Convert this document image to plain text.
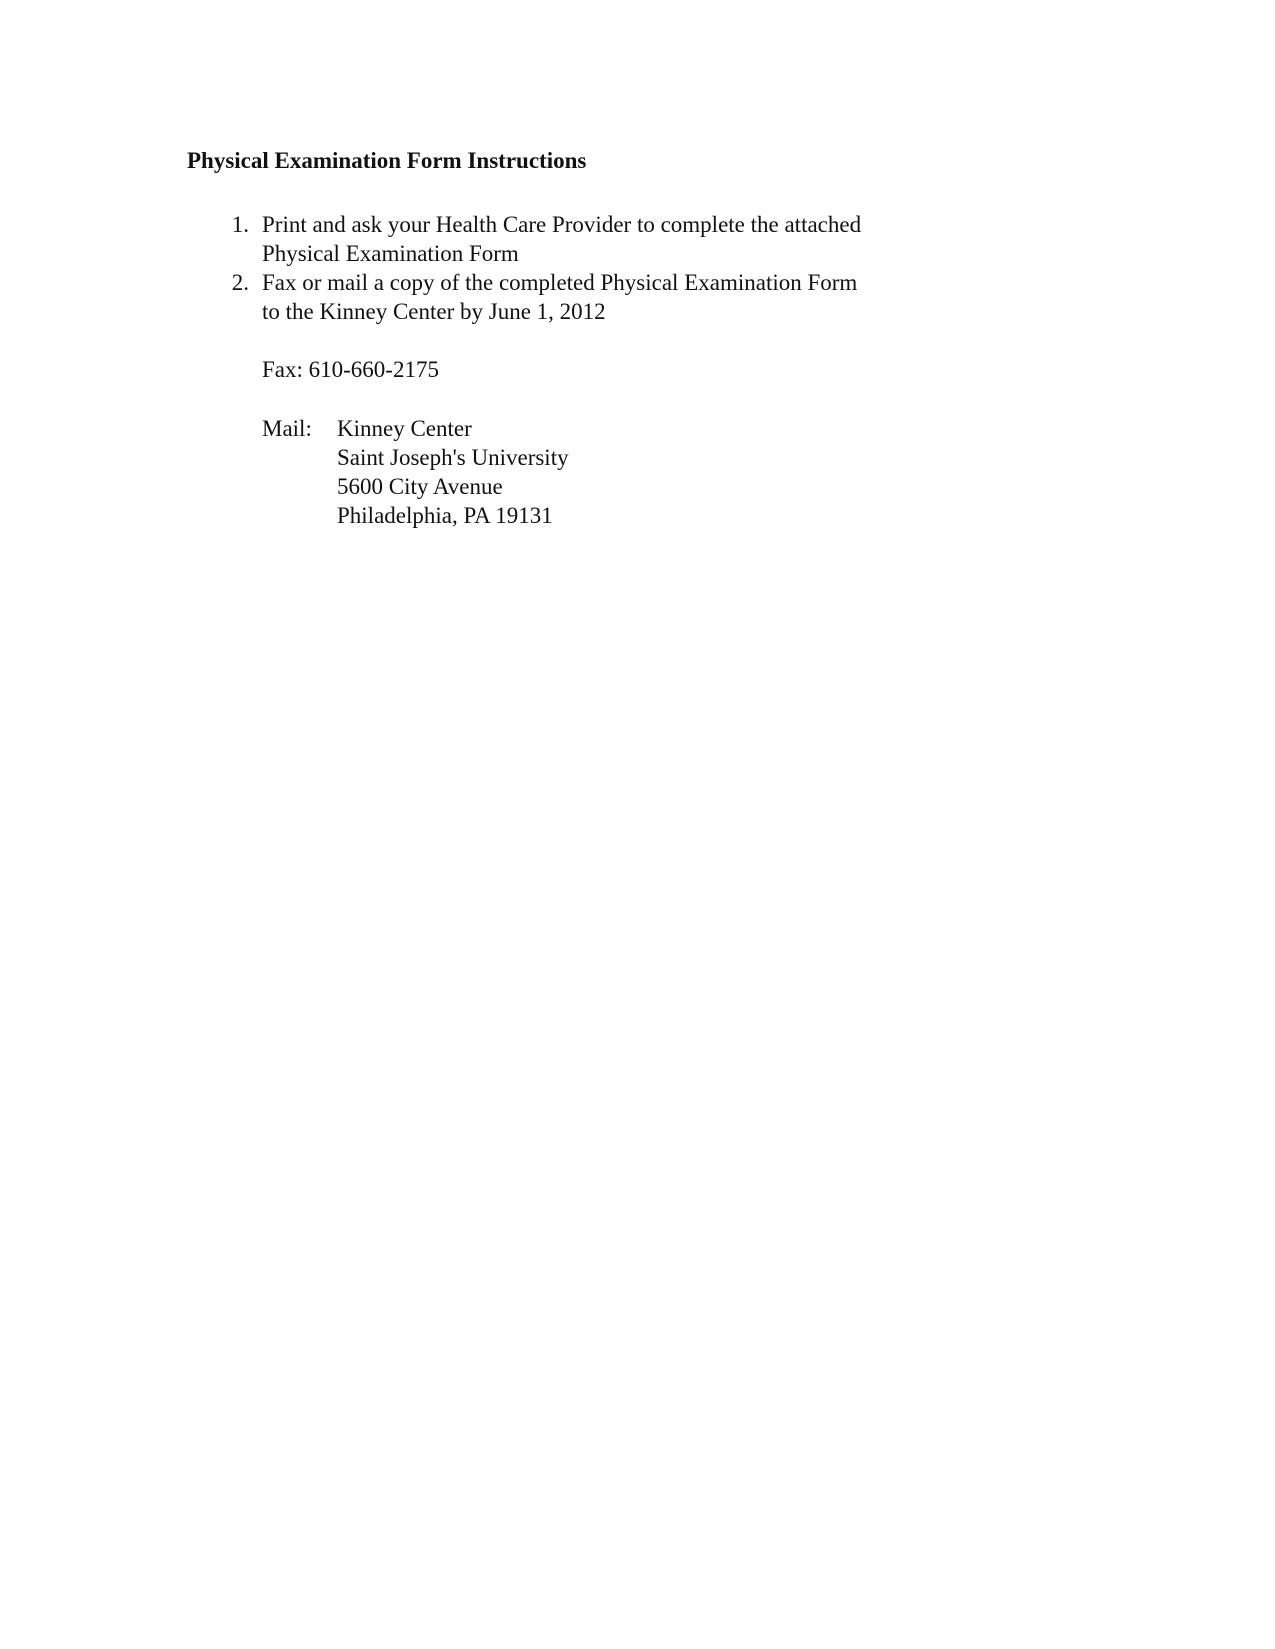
Physical Examination Form Instructions
1. Print and ask your Health Care Provider to complete the attached
Physical Examination Form
2. Fax or mail a copy of the completed Physical Examination Form
to the Kinney Center by June 1, 2012
Fax: 610-660-2175
Mail: Kinney Center
Saint Joseph's University
5600 City Avenue
Philadelphia, PA 19131
